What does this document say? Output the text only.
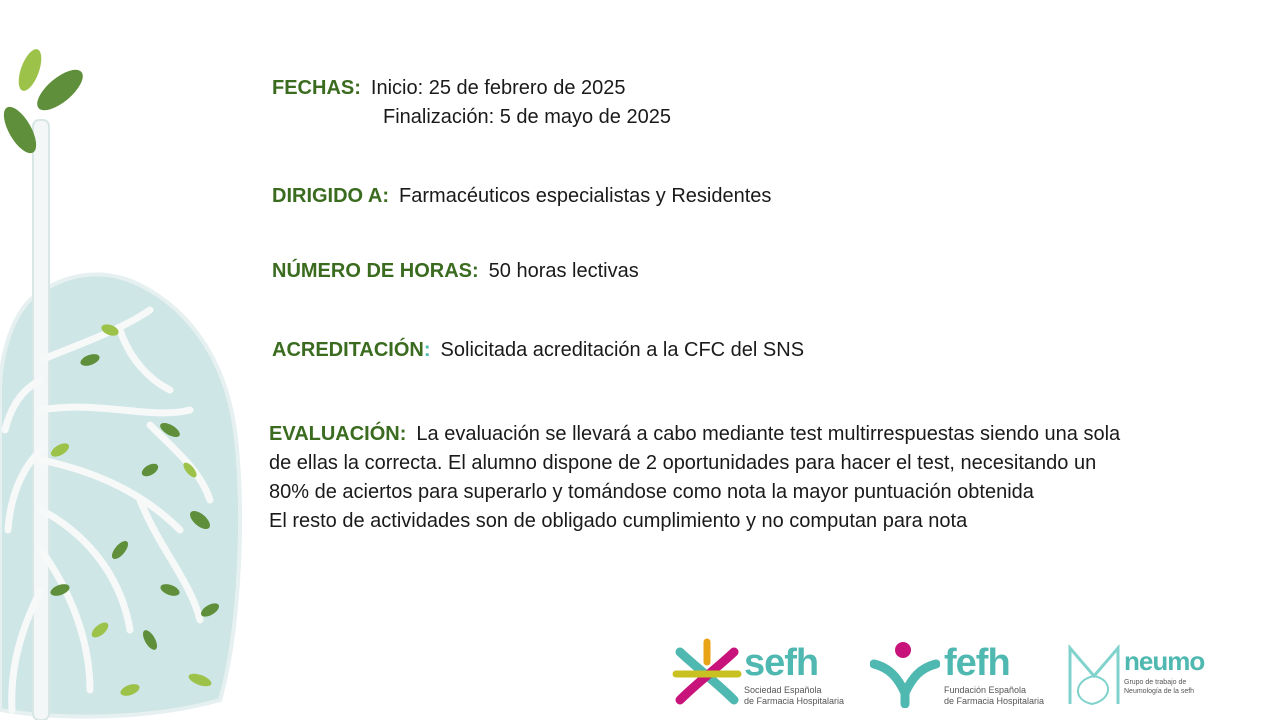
FECHAS: Inicio: 25 de febrero de 2025
Finalización: 5 de mayo de 2025
DIRIGIDO A: Farmacéuticos especialistas y Residentes
NÚMERO DE HORAS: 50 horas lectivas
ACREDITACIÓN: Solicitada acreditación a la CFC del SNS

EVALUACIÓN: La evaluación se llevará a cabo mediante test multirrespuestas siendo una sola

de ellas la correcta. El alumno dispone de 2 oportunidades para hacer el test, necesitando un

80% de aciertos para superarlo y tomándose como nota la mayor puntuación obtenida

El resto de actividades son de obligado cumplimiento y no computan para nota

sefh
Sociedad Española
de Farmacia Hospitalaria
fefh
Fundación Española
de Farmacia Hospitalaria
neumo
Grupo de trabajo de
Neumología de la sefh
